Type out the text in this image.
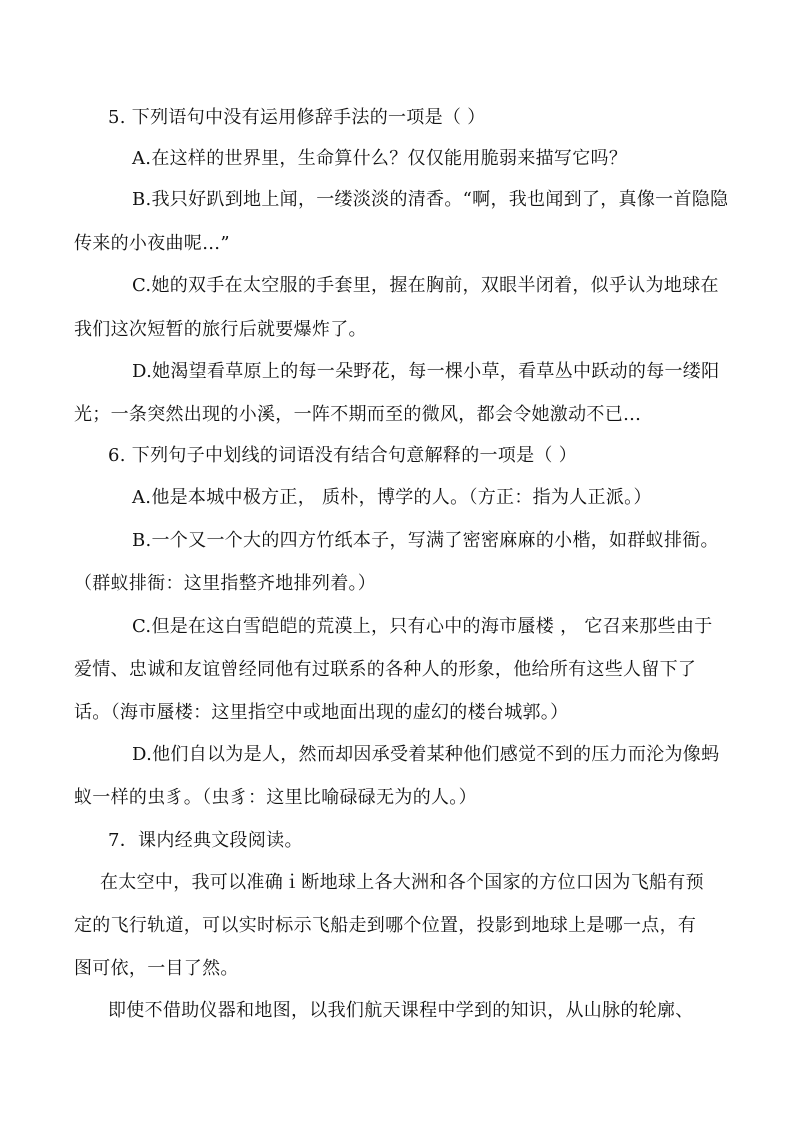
5. 下列语句中没有运用修辞手法的一项是（ ）
A.在这样的世界里，生命算什么？仅仅能用脆弱来描写它吗？
B.我只好趴到地上闻，一缕淡淡的清香。“啊，我也闻到了，真像一首隐隐
传来的小夜曲呢…”
C.她的双手在太空服的手套里，握在胸前，双眼半闭着，似乎认为地球在
我们这次短暂的旅行后就要爆炸了。
D.她渴望看草原上的每一朵野花，每一棵小草，看草丛中跃动的每一缕阳
光；一条突然出现的小溪，一阵不期而至的微风，都会令她激动不已…
6. 下列句子中划线的词语没有结合句意解释的一项是（ ）
A.他是本城中极方正， 质朴，博学的人。（方正：指为人正派。）
B.一个又一个大的四方竹纸本子，写满了密密麻麻的小楷，如群蚁排衙。
（群蚁排衙：这里指整齐地排列着。）
C.但是在这白雪皑皑的荒漠上，只有心中的海市蜃楼 ， 它召来那些由于
爱情、忠诚和友谊曾经同他有过联系的各种人的形象，他给所有这些人留下了
话。（海市蜃楼：这里指空中或地面出现的虚幻的楼台城郭。）
D.他们自以为是人，然而却因承受着某种他们感觉不到的压力而沦为像蚂
蚁一样的虫豸。（虫豸：这里比喻碌碌无为的人。）
7．课内经典文段阅读。
在太空中，我可以准确ｉ断地球上各大洲和各个国家的方位口因为飞船有预
定的飞行轨道，可以实时标示飞船走到哪个位置，投影到地球上是哪一点，有
图可依，一目了然。
即使不借助仪器和地图，以我们航天课程中学到的知识，从山脉的轮廓、
